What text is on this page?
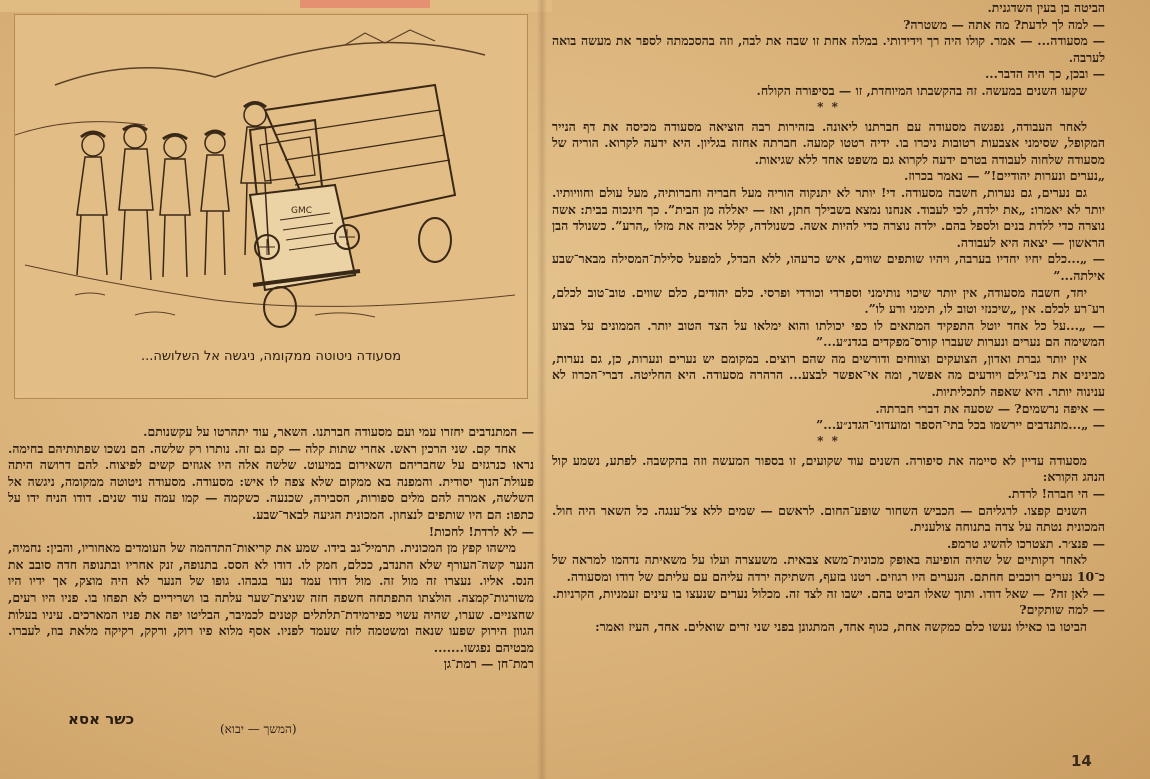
GMC
מסעודה ניטוטה ממקומה, ניגשה אל השלושה...

הביטה בן בעין השדגנית.

— למה לך לדעת? מה אתה — משטרה?

— מסעודה... — אמר. קולו היה רך וידידותי. במלה אחת זו שבה את לבה, וזה בהסכמתה לספר את מעשה בואה לערבה.

— ובכן, כך היה הדבר...

שקעו השנים במעשה. זה בהקשבתו המיוחדת, זו — בסיפורה הקולח.

* *

לאחר העבודה, נפגשה מסעודה עם חברתנו ליאונה. בזהירות רבה הוציאה מסעודה מכיסה את דף הנייר המקופל, שסימני אצבעות רטובות ניכרו בו. ידיה רטטו קמעה. חברתה אחזה בגליון. היא ידעה לקרוא. הוריה של מסעודה שלחוה לעבודה בטרם ידעה לקרוא גם משפט אחד ללא שגיאות.

„נערים ונערות יהודיים!” — נאמר בכרוז.

גם נערים, גם נערות, חשבה מסעודה. די! יותר לא יתנקוה הוריה מעל חבריה וחברותיה, מעל עולם וחוויותיו. יותר לא יאמרו: „את ילדה, לכי לעבוד. אנחנו נמצא בשבילך חתן, ואז — יאללה מן הבית”. כך חינכוה בבית: אשה נוצרה כדי ללדת בנים ולספל בהם. ילדה נוצרה כדי להיות אשה. כשנולדה, קלל אביה את מזלו „הרע”. כשנולד הבן הראשון — יצאה היא לעבודה.

— „...כלם יחיו יחדיו בערבה, ויהיו שותפים שווים, איש כרעהו, ללא הבדל, למפעל סלילת־המסילה מבאר־שבע אילתה...”

יחד, חשבה מסעודה, אין יותר שיכוי נותימני וספרדי וכורדי ופרסי. כלם יהודים, כלם שווים. טוב־טוב לכלם, רע־רע לכלם. אין „שיכנזי וטוב לו, תימני ורע לו”.

— „...על כל אחד יוטל התפקיד המתאים לו כפי יכולתו והוא ימלאו על הצד הטוב יותר. הממונים על בצוע המשימה הם נערים ונערות שעברו קורס־מפקדים בגדנ״ע...”

אין יותר גברת ואדון, הצועקים וצווחים ודורשים מה שהם רוצים. במקומם יש נערים ונערות, כן, גם נערות, מבינים את בני־גילם ויודעים מה אפשר, ומה אי־אפשר לבצע... הרהרה מסעודה. היא החליטה. דברי־הכרוז לא ענינוה יותר. היא שאפה לתכליתיות.

— איפה נרשמים? — שסעה את דברי חברתה.

— „...מתנדבים יירשמו בכל בתי־הספר ומועדוני־הגדנ״ע...”

* *

מסעודה עדיין לא סיימה את סיפורה. השנים עוד שקועים, זו בספור המעשה וזה בהקשבה. לפתע, נשמע קול הנהג הקורא:

— הי חברה! לרדת.

השנים קפצו. לרגליהם — הכביש השחור שופע־החום. לראשם — שמים ללא צל־ענגה. כל השאר היה חול. המכונית נטתה על צדה בתנוחה צולענית.

— פנצ׳ר. תצטרכו להשיג טרמפ.

לאחר דקותיים של שהיה הופיעה באופק מכונית־משא צבאית. משעצרה ועלו על משאיתה נדהמו למראה של כ־10 נערים רוכבים חחתם. הנערים היו רגוזים. רטנו בזעף, השתיקה ירדה עליהם עם עליתם של דודו ומסעודה.

— לאן זה? — שאל דודו. ותוך שאלו הביט בהם. ישבו זה לצד זה. מכלול נערים שנעצו בו עינים זעמניות, הקרניות.

— למה שותקים?

הביטו בו כאילו נעשו כלם כמקשה אחת, כגוף אחד, המתגונן בפני שני זרים שואלים. אחד, העיז ואמר:

— המתנדבים יחזרו עמי ועם מסעודה חברתנו. השאר, עוד יתהרטו על עקשנותם.

אחד קם. שני הרכין ראש. אחרי שתות קלה — קם גם זה. נותרו רק שלשה. הם נשכו שפתותיהם בחימה. נראו כנרגזים על שחבריהם השאירום במיעוט. שלשה אלה היו אגוזים קשים לפיצוח. להם דרושה היתה פעולת־הנוך יסודית. והמפנה בא ממקום שלא צפה לו איש: מסעודה. מסעודה ניטוטה ממקומה, ניגשה אל השלשה, אמרה להם מלים ספורות, הסבירה, שכנעה. כשקמה — קמו עמה עוד שנים. דודו הניח ידו על כתפו: הם היו שותפים לנצחון. המכונית הגיעה לבאר־שבע.

— לא לרדת! לחכות!

מישהו קפץ מן המכונית. תרמיל־גב בידו. שמע את קריאות־התדהמה של העומדים מאחוריו, והבין: נחמיה, הנער קשה־העורף שלא התנדב, ככלם, חמק לו. דודו לא הסס. בתנופה, זנק אחריו ובתנופה חדה סובב את הנס. אליו. נעצרו זה מול זה. מול דודו עמד נער בגבהו. גופו של הנער לא היה מוצק, אך ידיו היו משורגות־קמצה. הולצתו התפתחה חשפה חזה שניצת־שער עלתה בו ושריריים לא תפחו בו. פניו היו רעים, שחצניים. שערו, שהיה עשוי כפירמידת־תלתלים קטנים לכמיבר, הבליטו יפה את פניו המארכים. עיניו בעלות הגוון הירוק שפעו שנאה ומשטמה לזה שעמד לפניו. אסף מלוא פיו רוק, ורקק, רקיקה מלאת בוז, לעברו. מבטיהם נפגשו.......

רמת־חן — רמת־גן

כשר אסא
(המשך — יבוא)
14
